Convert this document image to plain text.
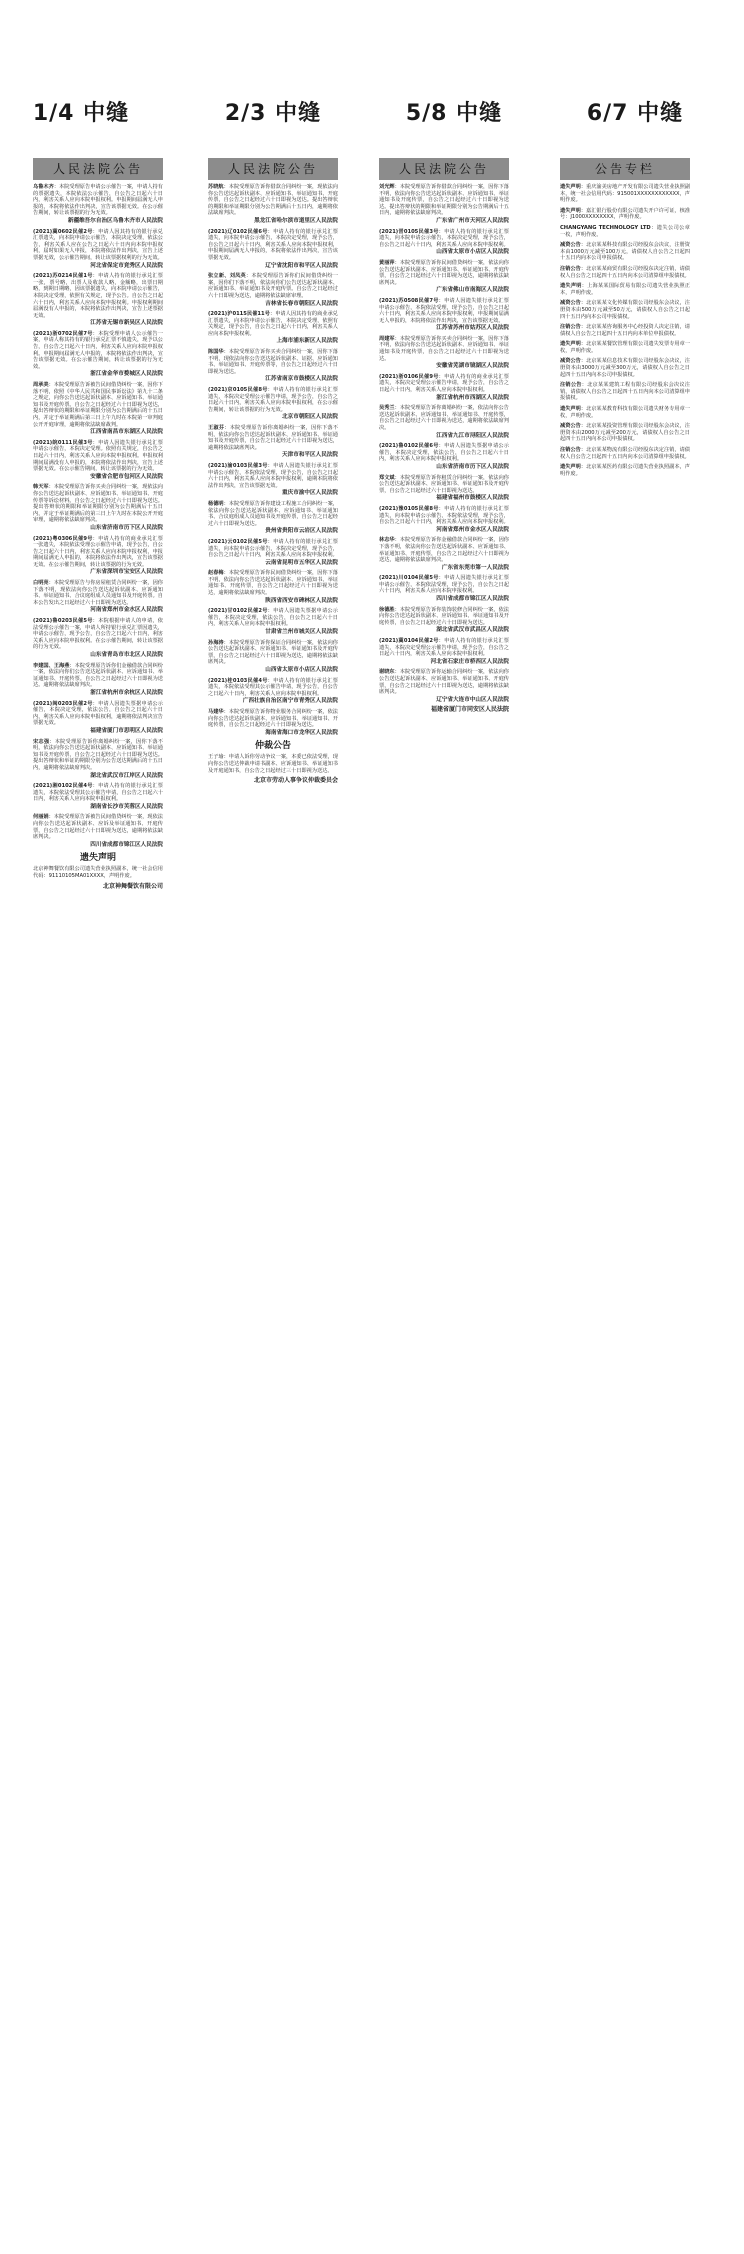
1/4 中缝	2/3 中缝	5/8 中缝	6/7 中缝
人民法院公告
乌鲁木齐：本院受理原告申请公示催告一案，申请人持有的票据遗失，本院依法公示催告，自公告之日起六十日内，利害关系人应向本院申报权利。申报期间届满无人申报的，本院将依法作出判决，宣告该票据无效。在公示催告期间，转让该票据的行为无效。
新疆维吾尔自治区乌鲁木齐市人民法院
(2021)冀0602民催2号：申请人因其持有的银行承兑汇票遗失，向本院申请公示催告，本院决定受理，依法公告，利害关系人应在公告之日起六十日内向本院申报权利，届时如果无人申报，本院将依法作出判决，宣告上述票据无效，公示催告期间，转让该票据权利的行为无效。
河北省保定市竞秀区人民法院
(2021)苏0214民催1号：申请人持有的银行承兑汇票一张，票号略，出票人及收款人略，金额略，出票日期略，到期日期略，因该票据遗失，向本院申请公示催告，本院决定受理，依照有关规定，现予公告。自公告之日起六十日内，利害关系人应向本院申报权利。申报权利期间届满没有人申报的，本院将依法作出判决，宣告上述票据无效。
江苏省无锡市新吴区人民法院
(2021)浙0702民催7号：本院受理申请人公示催告一案，申请人称其持有的银行承兑汇票不慎遗失，现予以公告，自公告之日起六十日内，利害关系人应向本院申报权利。申报期间届满无人申报的，本院将依法作出判决，宣告该票据无效。在公示催告期间，转让该票据的行为无效。
浙江省金华市婺城区人民法院
周承美：本院受理原告诉被告民间借贷纠纷一案，因你下落不明，依照《中华人民共和国民事诉讼法》第九十二条之规定，向你公告送达起诉状副本、应诉通知书、举证通知书及开庭传票。自公告之日起经过六十日即视为送达，提出答辩状的期限和举证期限分别为公告期满后的十五日内，并定于举证期满后第三日上午九时在本院第一审判庭公开开庭审理，逾期将依法缺席裁判。
江西省南昌市东湖区人民法院
(2021)皖0111民催3号：申请人因遗失银行承兑汇票申请公示催告，本院决定受理。依照有关规定，自公告之日起六十日内，利害关系人应向本院申报权利。申报权利期间届满没有人申报的，本院将依法作出判决，宣告上述票据无效。在公示催告期间，转让该票据的行为无效。
安徽省合肥市包河区人民法院
韩天军：本院受理原告诉你买卖合同纠纷一案，现依法向你公告送达起诉状副本、应诉通知书、举证通知书、开庭传票等诉讼材料。自公告之日起经过六十日即视为送达。提出答辩状的期限和举证期限分别为公告期满后十五日内，并定于举证期满后的第三日上午九时在本院公开开庭审理，逾期将依法缺席判决。
山东省济南市历下区人民法院
(2021)粤0306民催9号：申请人持有的商业承兑汇票一张遗失，本院依法受理公示催告申请，现予公告，自公告之日起六十日内，利害关系人应向本院申报权利，申报期间届满无人申报的，本院将依法作出判决，宣告该票据无效。在公示催告期间，转让该票据的行为无效。
广东省深圳市宝安区人民法院
白明亮：本院受理原告与你房屋租赁合同纠纷一案，因你下落不明，现依法向你公告送达起诉状副本、应诉通知书、举证通知书、合议庭组成人员通知书及开庭传票。自本公告发出之日起经过六十日即视为送达。
河南省郑州市金水区人民法院
(2021)鲁0203民催5号：本院根据申请人的申请，依法受理公示催告一案，申请人所持银行承兑汇票因遗失，申请公示催告，现予公告，自公告之日起六十日内，利害关系人应向本院申报权利。在公示催告期间，转让该票据的行为无效。
山东省青岛市市北区人民法院
李建国、王海燕：本院受理原告诉你们金融借款合同纠纷一案，依法向你们公告送达起诉状副本、应诉通知书、举证通知书、开庭传票。自公告之日起经过六十日即视为送达。逾期将依法缺席判决。
浙江省杭州市余杭区人民法院
(2021)闽0203民催2号：申请人因遗失票据申请公示催告，本院决定受理，依法公告，自公告之日起六十日内，利害关系人应向本院申报权利，逾期将依法判决宣告票据无效。
福建省厦门市思明区人民法院
宋志强：本院受理原告诉你离婚纠纷一案，因你下落不明，依法向你公告送达起诉状副本、应诉通知书、举证通知书及开庭传票，自公告之日起经过六十日即视为送达。提出答辩状和举证的期限分别为公告送达期满后的十五日内，逾期将依法缺席判决。
湖北省武汉市江岸区人民法院
(2021)湘0102民催4号：申请人持有的银行承兑汇票遗失，本院依法受理其公示催告申请，自公告之日起六十日内，利害关系人应向本院申报权利。
湖南省长沙市芙蓉区人民法院
何丽娟：本院受理原告诉被告民间借贷纠纷一案，现依法向你公告送达起诉状副本、应诉及举证通知书、开庭传票，自公告之日起经过六十日即视为送达，逾期将依法缺席判决。
四川省成都市锦江区人民法院
遗失声明
北京神舞餐饮有限公司遗失营业执照副本，统一社会信用代码：91110105MA01XXXX，声明作废。
北京神舞餐饮有限公司
人民法院公告
苏晓航：本院受理原告诉你借款合同纠纷一案，现依法向你公告送达起诉状副本、应诉通知书、举证通知书、开庭传票，自公告之日起经过六十日即视为送达。提出答辩状的期限和举证期限分别为公告期满后十五日内，逾期将依法缺席判决。
黑龙江省哈尔滨市道里区人民法院
(2021)辽0102民催6号：申请人持有的银行承兑汇票遗失，向本院申请公示催告，本院决定受理，现予公告，自公告之日起六十日内，利害关系人应向本院申报权利，申报期间届满无人申报的，本院将依法作出判决，宣告该票据无效。
辽宁省沈阳市和平区人民法院
张立新、刘凤英：本院受理原告诉你们民间借贷纠纷一案，因你们下落不明，依法向你们公告送达起诉状副本、应诉通知书、举证通知书及开庭传票。自公告之日起经过六十日即视为送达，逾期将依法缺席审理。
吉林省长春市朝阳区人民法院
(2021)沪0115民催11号：申请人因其持有的商业承兑汇票遗失，向本院申请公示催告，本院决定受理，依照有关规定，现予公告，自公告之日起六十日内，利害关系人应向本院申报权利。
上海市浦东新区人民法院
陈国华：本院受理原告诉你买卖合同纠纷一案，因你下落不明，现依法向你公告送达起诉状副本、证据、应诉通知书、举证通知书、开庭传票等，自公告之日起经过六十日即视为送达。
江苏省南京市鼓楼区人民法院
(2021)京0105民催8号：申请人持有的银行承兑汇票遗失，本院决定受理公示催告申请，现予公告，自公告之日起六十日内，利害关系人应向本院申报权利，在公示催告期间，转让该票据的行为无效。
北京市朝阳区人民法院
王淑芬：本院受理原告诉你离婚纠纷一案，因你下落不明，依法向你公告送达起诉状副本、应诉通知书、举证通知书及开庭传票，自公告之日起经过六十日即视为送达，逾期将依法缺席判决。
天津市和平区人民法院
(2021)渝0103民催3号：申请人因遗失银行承兑汇票申请公示催告，本院依法受理，现予公告，自公告之日起六十日内，利害关系人应向本院申报权利，逾期本院将依法作出判决，宣告该票据无效。
重庆市渝中区人民法院
杨德明：本院受理原告诉你建设工程施工合同纠纷一案，依法向你公告送达起诉状副本、应诉通知书、举证通知书、合议庭组成人员通知书及开庭传票，自公告之日起经过六十日即视为送达。
贵州省贵阳市云岩区人民法院
(2021)云0102民催5号：申请人持有的银行承兑汇票遗失，向本院申请公示催告，本院决定受理，现予公告，自公告之日起六十日内，利害关系人应向本院申报权利。
云南省昆明市五华区人民法院
赵春梅：本院受理原告诉你民间借贷纠纷一案，因你下落不明，依法向你公告送达起诉状副本、应诉通知书、举证通知书、开庭传票，自公告之日起经过六十日即视为送达，逾期将依法缺席判决。
陕西省西安市碑林区人民法院
(2021)甘0102民催2号：申请人因遗失票据申请公示催告，本院决定受理，依法公告，自公告之日起六十日内，利害关系人应向本院申报权利。
甘肃省兰州市城关区人民法院
孙海涛：本院受理原告诉你保证合同纠纷一案，依法向你公告送达起诉状副本、应诉通知书、举证通知书及开庭传票，自公告之日起经过六十日即视为送达，逾期将依法缺席判决。
山西省太原市小店区人民法院
(2021)桂0103民催4号：申请人持有的银行承兑汇票遗失，本院依法受理其公示催告申请，现予公告，自公告之日起六十日内，利害关系人应向本院申报权利。
广西壮族自治区南宁市青秀区人民法院
马建华：本院受理原告诉你物业服务合同纠纷一案，依法向你公告送达起诉状副本、应诉通知书、举证通知书、开庭传票，自公告之日起经过六十日即视为送达。
海南省海口市龙华区人民法院
仲裁公告
王子瑜：申请人诉你劳动争议一案，本委已依法受理，现向你公告送达仲裁申请书副本、应诉通知书、举证通知书及开庭通知书，自公告之日起经过三十日即视为送达。
北京市劳动人事争议仲裁委员会
人民法院公告
刘光辉：本院受理原告诉你借款合同纠纷一案，因你下落不明，依法向你公告送达起诉状副本、应诉通知书、举证通知书及开庭传票，自公告之日起经过六十日即视为送达。提出答辩状的期限和举证期限分别为公告期满后十五日内，逾期将依法缺席判决。
广东省广州市天河区人民法院
(2021)晋0105民催3号：申请人持有的银行承兑汇票遗失，向本院申请公示催告，本院决定受理，现予公告，自公告之日起六十日内，利害关系人应向本院申报权利。
山西省太原市小店区人民法院
黄丽萍：本院受理原告诉你民间借贷纠纷一案，依法向你公告送达起诉状副本、应诉通知书、举证通知书、开庭传票，自公告之日起经过六十日即视为送达，逾期将依法缺席判决。
广东省佛山市南海区人民法院
(2021)苏0508民催7号：申请人因遗失银行承兑汇票申请公示催告，本院依法受理，现予公告，自公告之日起六十日内，利害关系人应向本院申报权利，申报期间届满无人申报的，本院将依法作出判决，宣告该票据无效。
江苏省苏州市姑苏区人民法院
周建军：本院受理原告诉你买卖合同纠纷一案，因你下落不明，依法向你公告送达起诉状副本、应诉通知书、举证通知书及开庭传票，自公告之日起经过六十日即视为送达。
安徽省芜湖市镜湖区人民法院
(2021)浙0106民催9号：申请人持有的商业承兑汇票遗失，本院决定受理公示催告申请，现予公告，自公告之日起六十日内，利害关系人应向本院申报权利。
浙江省杭州市西湖区人民法院
吴秀兰：本院受理原告诉你离婚纠纷一案，依法向你公告送达起诉状副本、应诉通知书、举证通知书、开庭传票，自公告之日起经过六十日即视为送达，逾期将依法缺席判决。
江西省九江市浔阳区人民法院
(2021)鲁0102民催6号：申请人因遗失票据申请公示催告，本院决定受理，依法公告，自公告之日起六十日内，利害关系人应向本院申报权利。
山东省济南市历下区人民法院
郑文斌：本院受理原告诉你租赁合同纠纷一案，依法向你公告送达起诉状副本、应诉通知书、举证通知书及开庭传票，自公告之日起经过六十日即视为送达。
福建省福州市鼓楼区人民法院
(2021)豫0105民催8号：申请人持有的银行承兑汇票遗失，向本院申请公示催告，本院依法受理，现予公告，自公告之日起六十日内，利害关系人应向本院申报权利。
河南省郑州市金水区人民法院
林志华：本院受理原告诉你金融借款合同纠纷一案，因你下落不明，依法向你公告送达起诉状副本、应诉通知书、举证通知书、开庭传票，自公告之日起经过六十日即视为送达，逾期将依法缺席判决。
广东省东莞市第一人民法院
(2021)川0104民催5号：申请人因遗失银行承兑汇票申请公示催告，本院依法受理，现予公告，自公告之日起六十日内，利害关系人应向本院申报权利。
四川省成都市锦江区人民法院
徐德胜：本院受理原告诉你装饰装修合同纠纷一案，依法向你公告送达起诉状副本、应诉通知书、举证通知书及开庭传票，自公告之日起经过六十日即视为送达。
湖北省武汉市武昌区人民法院
(2021)冀0104民催2号：申请人持有的银行承兑汇票遗失，本院决定受理公示催告申请，现予公告，自公告之日起六十日内，利害关系人应向本院申报权利。
河北省石家庄市桥西区人民法院
谢晓东：本院受理原告诉你运输合同纠纷一案，依法向你公告送达起诉状副本、应诉通知书、举证通知书、开庭传票，自公告之日起经过六十日即视为送达，逾期将依法缺席判决。
辽宁省大连市中山区人民法院
福建省厦门市同安区人民法院
公告专栏
遗失声明：重庆渝美房地产开发有限公司遗失营业执照副本，统一社会信用代码：915001XXXXXXXXXXXX，声明作废。
遗失声明：嘉汇银行股份有限公司遗失开户许可证，核准号：J1000XXXXXXXX，声明作废。
CHANGYANG TECHNOLOGY LTD：遗失公司公章一枚，声明作废。
减资公告：北京某某科技有限公司经股东会决议，注册资本由1000万元减至100万元，请债权人自公告之日起四十五日内向本公司申报债权。
注销公告：北京某某商贸有限公司经股东决定注销，请债权人自公告之日起四十五日内向本公司清算组申报债权。
遗失声明：上海某某国际贸易有限公司遗失营业执照正本，声明作废。
减资公告：北京某某文化传媒有限公司经股东会决议，注册资本由500万元减至50万元，请债权人自公告之日起四十五日内向本公司申报债权。
注销公告：北京某某咨询服务中心经投资人决定注销，请债权人自公告之日起四十五日内向本单位申报债权。
遗失声明：北京某某餐饮管理有限公司遗失发票专用章一枚，声明作废。
减资公告：北京某某信息技术有限公司经股东会决议，注册资本由3000万元减至300万元，请债权人自公告之日起四十五日内向本公司申报债权。
注销公告：北京某某建筑工程有限公司经股东会决议注销，请债权人自公告之日起四十五日内向本公司清算组申报债权。
遗失声明：北京某某教育科技有限公司遗失财务专用章一枚，声明作废。
减资公告：北京某某投资管理有限公司经股东会决议，注册资本由2000万元减至200万元，请债权人自公告之日起四十五日内向本公司申报债权。
注销公告：北京某某物流有限公司经股东决定注销，请债权人自公告之日起四十五日内向本公司清算组申报债权。
遗失声明：北京某某医药有限公司遗失营业执照副本，声明作废。
